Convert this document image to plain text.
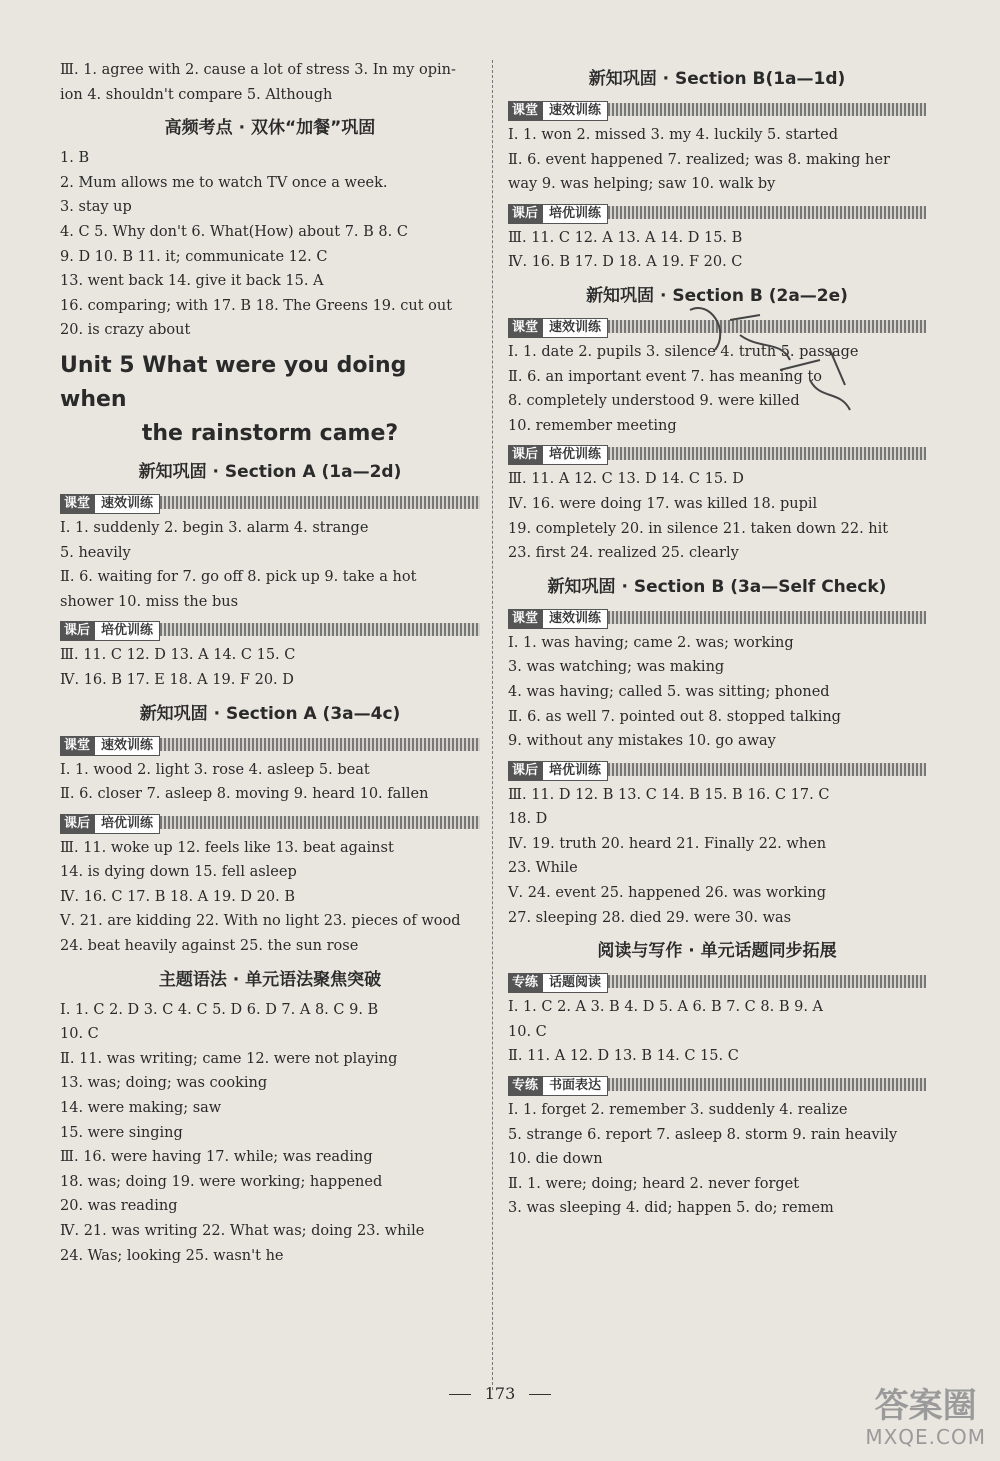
Ⅲ. 1. agree with 2. cause a lot of stress 3. In my opin-
ion 4. shouldn't compare 5. Although
高频考点 · 双休“加餐”巩固
1. B
2. Mum allows me to watch TV once a week.
3. stay up
4. C 5. Why don't 6. What(How) about 7. B 8. C
9. D 10. B 11. it; communicate 12. C
13. went back 14. give it back 15. A
16. comparing; with 17. B 18. The Greens 19. cut out
20. is crazy about
Unit 5 What were you doing when
the rainstorm came?
新知巩固 · Section A (1a—2d)
课堂 速效训练
Ⅰ. 1. suddenly 2. begin 3. alarm 4. strange
5. heavily
Ⅱ. 6. waiting for 7. go off 8. pick up 9. take a hot
shower 10. miss the bus
课后 培优训练
Ⅲ. 11. C 12. D 13. A 14. C 15. C
Ⅳ. 16. B 17. E 18. A 19. F 20. D
新知巩固 · Section A (3a—4c)
课堂 速效训练
Ⅰ. 1. wood 2. light 3. rose 4. asleep 5. beat
Ⅱ. 6. closer 7. asleep 8. moving 9. heard 10. fallen
课后 培优训练
Ⅲ. 11. woke up 12. feels like 13. beat against
14. is dying down 15. fell asleep
Ⅳ. 16. C 17. B 18. A 19. D 20. B
Ⅴ. 21. are kidding 22. With no light 23. pieces of wood
24. beat heavily against 25. the sun rose
主题语法 · 单元语法聚焦突破
Ⅰ. 1. C 2. D 3. C 4. C 5. D 6. D 7. A 8. C 9. B
10. C
Ⅱ. 11. was writing; came 12. were not playing
13. was; doing; was cooking
14. were making; saw
15. were singing
Ⅲ. 16. were having 17. while; was reading
18. was; doing 19. were working; happened
20. was reading
Ⅳ. 21. was writing 22. What was; doing 23. while
24. Was; looking 25. wasn't he
新知巩固 · Section B(1a—1d)
课堂 速效训练
Ⅰ. 1. won 2. missed 3. my 4. luckily 5. started
Ⅱ. 6. event happened 7. realized; was 8. making her
way 9. was helping; saw 10. walk by
课后 培优训练
Ⅲ. 11. C 12. A 13. A 14. D 15. B
Ⅳ. 16. B 17. D 18. A 19. F 20. C
新知巩固 · Section B (2a—2e)
课堂 速效训练
Ⅰ. 1. date 2. pupils 3. silence 4. truth 5. passage
Ⅱ. 6. an important event 7. has meaning to
8. completely understood 9. were killed
10. remember meeting
课后 培优训练
Ⅲ. 11. A 12. C 13. D 14. C 15. D
Ⅳ. 16. were doing 17. was killed 18. pupil
19. completely 20. in silence 21. taken down 22. hit
23. first 24. realized 25. clearly
新知巩固 · Section B (3a—Self Check)
课堂 速效训练
Ⅰ. 1. was having; came 2. was; working
3. was watching; was making
4. was having; called 5. was sitting; phoned
Ⅱ. 6. as well 7. pointed out 8. stopped talking
9. without any mistakes 10. go away
课后 培优训练
Ⅲ. 11. D 12. B 13. C 14. B 15. B 16. C 17. C
18. D
Ⅳ. 19. truth 20. heard 21. Finally 22. when
23. While
Ⅴ. 24. event 25. happened 26. was working
27. sleeping 28. died 29. were 30. was
阅读与写作 · 单元话题同步拓展
专练 话题阅读
Ⅰ. 1. C 2. A 3. B 4. D 5. A 6. B 7. C 8. B 9. A
10. C
Ⅱ. 11. A 12. D 13. B 14. C 15. C
专练 书面表达
Ⅰ. 1. forget 2. remember 3. suddenly 4. realize
5. strange 6. report 7. asleep 8. storm 9. rain heavily
10. die down
Ⅱ. 1. were; doing; heard 2. never forget
3. was sleeping 4. did; happen 5. do; remem
173	答案圈
MXQE.COM
